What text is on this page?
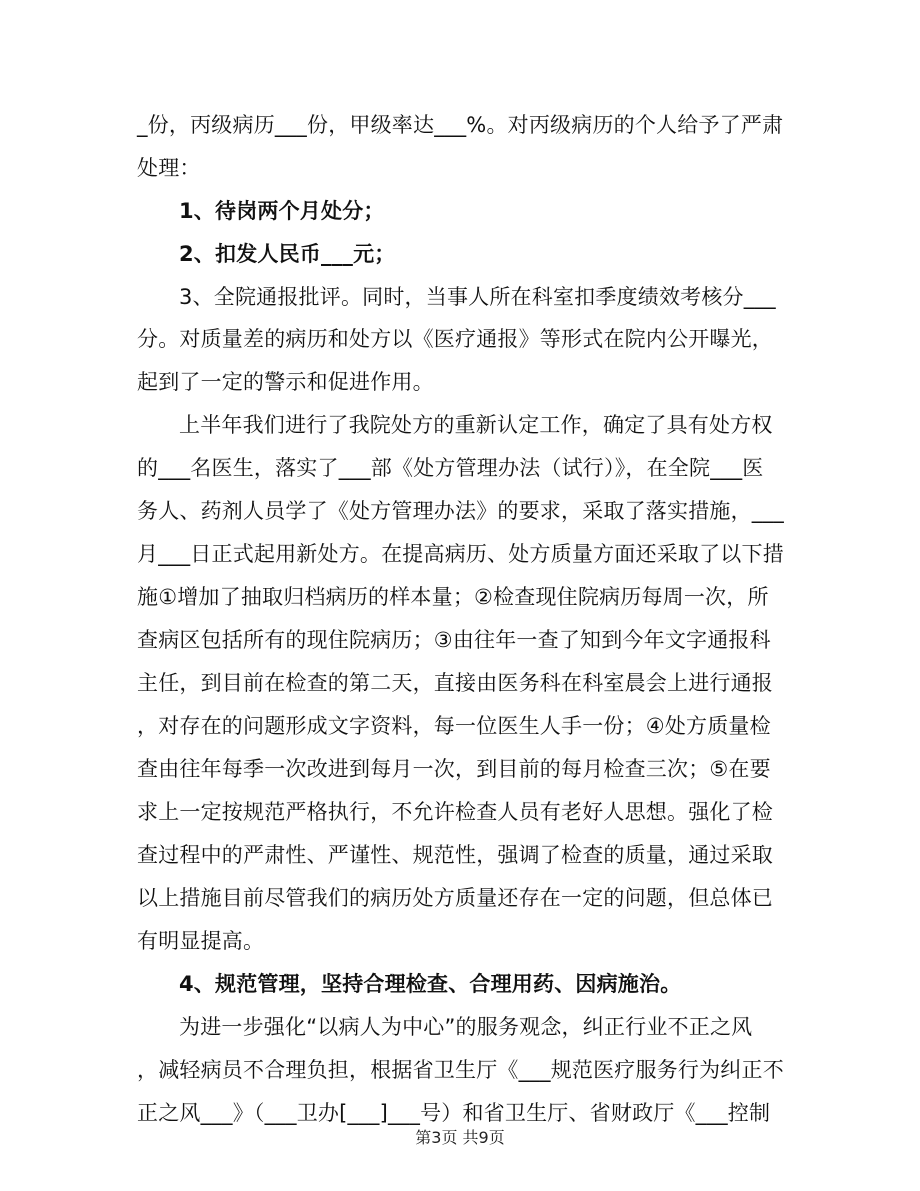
_份，丙级病历___份，甲级率达___%。对丙级病历的个人给予了严肃
处理：
1、待岗两个月处分；
2、扣发人民币___元；
3、全院通报批评。同时，当事人所在科室扣季度绩效考核分___
分。对质量差的病历和处方以《医疗通报》等形式在院内公开曝光，
起到了一定的警示和促进作用。
上半年我们进行了我院处方的重新认定工作，确定了具有处方权
的___名医生，落实了___部《处方管理办法（试行）》，在全院___医
务人、药剂人员学了《处方管理办法》的要求，采取了落实措施，___
月___日正式起用新处方。在提高病历、处方质量方面还采取了以下措
施①增加了抽取归档病历的样本量；②检查现住院病历每周一次，所
查病区包括所有的现住院病历；③由往年一查了知到今年文字通报科
主任，到目前在检查的第二天，直接由医务科在科室晨会上进行通报
，对存在的问题形成文字资料，每一位医生人手一份；④处方质量检
查由往年每季一次改进到每月一次，到目前的每月检查三次；⑤在要
求上一定按规范严格执行，不允许检查人员有老好人思想。强化了检
查过程中的严肃性、严谨性、规范性，强调了检查的质量，通过采取
以上措施目前尽管我们的病历处方质量还存在一定的问题，但总体已
有明显提高。
4、规范管理，坚持合理检查、合理用药、因病施治。
为进一步强化“以病人为中心”的服务观念，纠正行业不正之风
，减轻病员不合理负担，根据省卫生厅《___规范医疗服务行为纠正不
正之风___》（___卫办[___]___号）和省卫生厅、省财政厅《___控制
第3页 共9页
